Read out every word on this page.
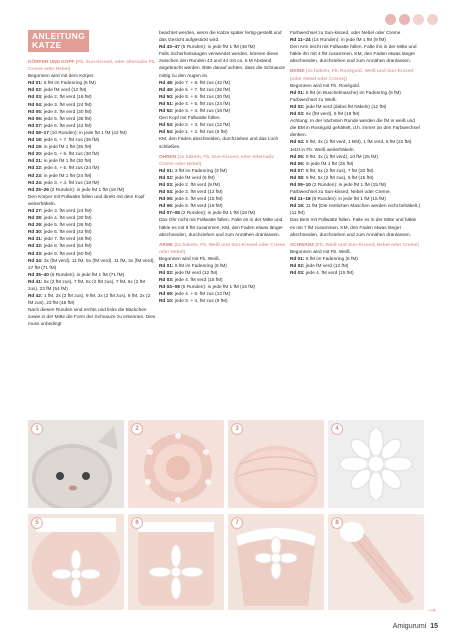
ANLEITUNG
KATZE
KÖRPER UND KOPF (Fb. Sun-Kissed, oder alternativ Fb. Creme oder Nebel)
Begonnen wird mit dem Körper.
Rd 01: 6 fM im Fadenring (6 fM)
Rd 02: jede fM verd (12 fM)
Rd 03: jede 2. fM verd (18 fM)
Rd 04: jede 3. fM verd (24 fM)
Rd 05: jede 4. fM verd (30 fM)
Rd 06: jede 5. fM verd (36 fM)
Rd 07: jede 6. fM verd (42 fM)
Rd 08–17 (10 Runden): in jede fM 1 fM (42 fM)
Rd 18: jede 6. + 7. fM zus (36 fM)
Rd 19: in jede fM 1 fM (36 fM)
Rd 20: jede 5. + 6. fM zus (30 fM)
Rd 21: in jede fM 1 fM (30 fM)
Rd 22: jede 4. + 5. fM zus (24 fM)
Rd 23: in jede fM 1 fM (24 fM)
Rd 24: jede 3. + 4. fM zus (18 fM)
Rd 25–26 (2 Runden): in jede fM 1 fM (18 fM)
Den Körper mit Füllwatte füllen und direkt mit dem Kopf weiterhäkeln.
Rd 27: jede 3. fM verd (24 fM)
Rd 28: jede 4. fM verd (30 fM)
Rd 29: jede 5. fM verd (36 fM)
Rd 30: jede 6. fM verd (42 fM)
Rd 31: jede 7. fM verd (48 fM)
Rd 32: jede 8. fM verd (54 fM)
Rd 33: jede 9. fM verd (60 fM)
Rd 34: 3x (fM verd), 11 fM, 5x (fM verd), 11 fM, 3x (fM verd), 27 fM (71 fM)
Rd 35–40 (6 Runden): in jede fM 1 fM (71 fM)
Rd 41: 6x (2 fM zus), 7 fM, 5x (2 fM zus), 7 fM, 6x (2 fM zus), 23 fM (54 fM)
Rd 42: 1 fM, 2x (2 fM zus), 9 fM, 2x (2 fM zus), 9 fM, 2x (2 fM zus), 23 fM (48 fM)
Nach diesen Runden sind rechts und links die Bäckchen sowie in der Mitte die Form der Schnauze zu erkennen. Dies muss unbedingt
beachtet werden, wenn die Katze später fertig-gestellt und das Gesicht aufgestickt wird.
Rd 43–47 (5 Runden): in jede fM 1 fM (48 fM)
Falls Sicherheitsaugen verwendet werden, können diese zwischen den Runden 43 und 44 mit ca. 6 M Abstand angebracht werden. Bitte darauf achten, dass die Schnauze mittig zu den Augen ist.
Rd 48: jede 7. + 8. fM zus (42 fM)
Rd 49: jede 6. + 7. fM zus (36 fM)
Rd 50: jede 5. + 6. fM zus (30 fM)
Rd 51: jede 4. + 5. fM zus (24 fM)
Rd 52: jede 3. + 4. fM zus (18 fM)
Den Kopf mit Füllwatte füllen.
Rd 53: jede 2. + 3. fM zus (12 fM)
Rd 54: jede 1. + 2. fM zus (6 fM)
KM, den Faden abschneiden, durchziehen und das Loch schließen.
OHREN (2x häkeln, Fb. Sun-Kissed, oder Alternativ Creme oder Nebel)
Rd 01: 3 fM im Fadenring (3 fM)
Rd 02: jede fM verd (6 fM)
Rd 03: jede 2. fM verd (9 fM)
Rd 04: jede 3. fM verd (12 fM)
Rd 05: jede 4. fM verd (15 fM)
Rd 06: jede 5. fM verd (18 fM)
Rd 07–08 (2 Runden): in jede fM 1 fM (18 fM)
Das Ohr nicht mit Füllwatte füllen. Falte es in der Mitte und häkle es mit 9 fM zusammen. KM, den Faden etwas länger abschneiden, durchziehen und zum Annähen dranlassen.
ARME (2x häkeln, Fb. Weiß und Sun-Kissed oder Creme oder Nebel)
Begonnen wird mit Fb. Weiß.
Rd 01: 6 fM im Fadenring (6 fM)
Rd 02: jede fM verd (12 fM)
Rd 03: jede 4. fM verd (15 fM)
Rd 04–08 (5 Runden): in jede fM 1 fM (15 fM)
Rd 09: jede 4. + 5. fM zus (12 fM)
Rd 10: jede 3. + 4. fM zus (9 fM)
Farbwechsel zu Sun-kissed, oder Nebel oder Creme
Rd 11–24 (14 Runden): in jede fM 1 fM (9 fM)
Den Arm leicht mit Füllwatte füllen. Falte ihn in der Mitte und häkle ihn mit 4 fM zusammen. KM, den Faden etwas länger abschneiden, durchziehen und zum Annähen dranlassen.
BEINE (2x häkeln, Fb. Roségold, Weiß und Sun-Kissed (oder Nebel oder Creme))
Begonnen wird mit Fb. Roségold.
Rd 01: 6 fM (in Büschelmasche) im Fadenring (6 fM)
Farbwechsel zu Weiß.
Rd 02: jede fM verd (dabei fM häkeln) (12 fM)
Rd 03: 6x (fM verd), 6 fM (18 fM)
Achtung: In der nächsten Runde werden die fM in weiß und die BM in Roségold gehäkelt, d.h. immer an den Farbwechsel denken.
Rd 04: 5 fM, 3x (1 fM verd, 1 BM), 1 fM verd, 6 fM (22 fM)
Jetzt in Fb. Weiß weiterhäkeln.
Rd 05: 9 fM, 3x (1 fM verd), 10 fM (25 fM)
Rd 06: in jede fM 1 fM (25 fM)
Rd 07: 8 fM, 5x (2 fM zus), 7 fM (20 fM)
Rd 08: 5 fM, 5x (2 fM zus), 5 fM (15 fM)
Rd 09–10 (2 Runden): in jede fM 1 fM (15 fM)
Farbwechsel zu Sun-kissed, Nebel oder Creme.
Rd 11–18 (8 Runden): in jede fM 1 fM (15 fM)
Rd 19: 11 fM (Die restlichen Maschen werden nicht behäkelt.) (11 fM)
Das Bein mit Füllwatte füllen. Falte es in der Mitte und häkle es mit 7 fM zusammen. KM, den Faden etwas länger abschneiden, durchziehen und zum Annähen dranlassen.
SCHWANZ (Fb. Weiß und Sun-Kissed, Nebel oder Creme)
Begonnen wird mit Fb. Weiß.
Rd 01: 6 fM im Fadenring (6 fM)
Rd 02: jede fM verd (12 fM)
Rd 03: jede 4. fM verd (15 fM)
1	2	3	4
5	6	7	8
→
Amigurumi 15
